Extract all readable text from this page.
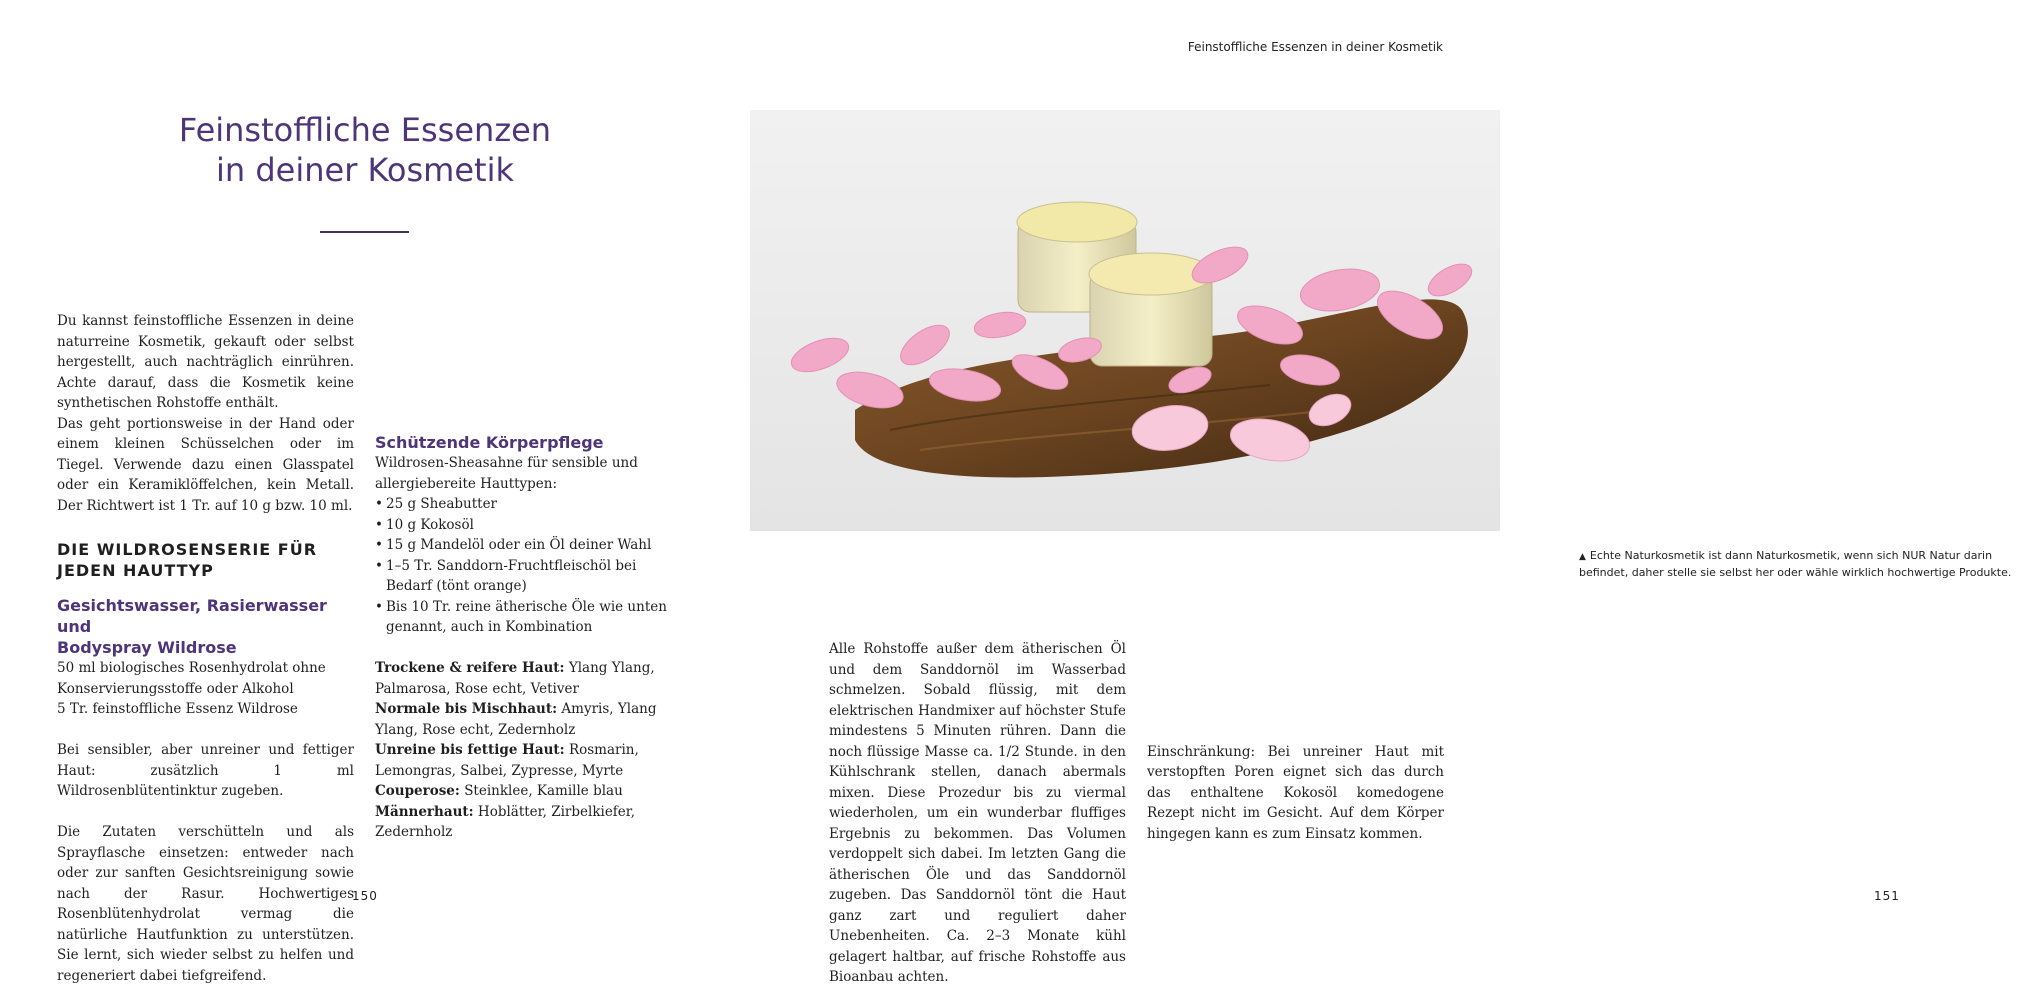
Feinstoffliche Essenzen
in deiner Kosmetik

Du kannst feinstoffliche Essenzen in deine naturreine Kosmetik, gekauft oder selbst hergestellt, auch nachträglich einrühren. Achte darauf, dass die Kosmetik keine synthetischen Rohstoffe enthält.

Das geht portionsweise in der Hand oder einem kleinen Schüsselchen oder im Tiegel. Verwende dazu einen Glasspatel oder ein Keramiklöffelchen, kein Metall. Der Richtwert ist 1 Tr. auf 10 g bzw. 10 ml.

DIE WILDROSENSERIE FÜR
JEDEN HAUTTYP
Gesichtswasser, Rasierwasser und
Bodyspray Wildrose

50 ml biologisches Rosenhydrolat ohne Konservierungsstoffe oder Alkohol

5 Tr. feinstoffliche Essenz Wildrose

Bei sensibler, aber unreiner und fettiger Haut: zusätzlich 1 ml Wildrosenblütentinktur zugeben.

Die Zutaten verschütteln und als Sprayflasche einsetzen: entweder nach oder zur sanften Gesichtsreinigung sowie nach der Rasur. Hochwertiges Rosenblütenhydrolat vermag die natürliche Hautfunktion zu unterstützen. Sie lernt, sich wieder selbst zu helfen und regeneriert dabei tiefgreifend.

Schützende Körperpflege

Wildrosen-Sheasahne für sensible und allergiebereite Hauttypen:

• 25 g Sheabutter
• 10 g Kokosöl
• 15 g Mandelöl oder ein Öl deiner Wahl
• 1–5 Tr. Sanddorn-Fruchtfleischöl bei Bedarf (tönt orange)
• Bis 10 Tr. reine ätherische Öle wie unten genannt, auch in Kombination

Trockene & reifere Haut: Ylang Ylang, Palmarosa, Rose echt, Vetiver

Normale bis Mischhaut: Amyris, Ylang Ylang, Rose echt, Zedernholz

Unreine bis fettige Haut: Rosmarin, Lemongras, Salbei, Zypresse, Myrte

Couperose: Steinklee, Kamille blau

Männerhaut: Hoblätter, Zirbelkiefer, Zedernholz

150
Feinstoffliche Essenzen in deiner Kosmetik
▲ Echte Naturkosmetik ist dann Naturkosmetik, wenn sich NUR Natur darin befindet, daher stelle sie selbst her oder wähle wirklich hochwertige Produkte.
151

Alle Rohstoffe außer dem ätherischen Öl und dem Sanddornöl im Wasserbad schmelzen. Sobald flüssig, mit dem elektrischen Handmixer auf höchster Stufe mindestens 5 Minuten rühren. Dann die noch flüssige Masse ca. 1/2 Stunde. in den Kühlschrank stellen, danach abermals mixen. Diese Prozedur bis zu viermal wiederholen, um ein wunderbar fluffiges Ergebnis zu bekommen. Das Volumen verdoppelt sich dabei. Im letzten Gang die ätherischen Öle und das Sanddornöl zugeben. Das Sanddornöl tönt die Haut ganz zart und reguliert daher Unebenheiten. Ca. 2–3 Monate kühl gelagert haltbar, auf frische Rohstoffe aus Bioanbau achten.

Einschränkung: Bei unreiner Haut mit verstopften Poren eignet sich das durch das enthaltene Kokosöl komedogene Rezept nicht im Gesicht. Auf dem Körper hingegen kann es zum Einsatz kommen.
